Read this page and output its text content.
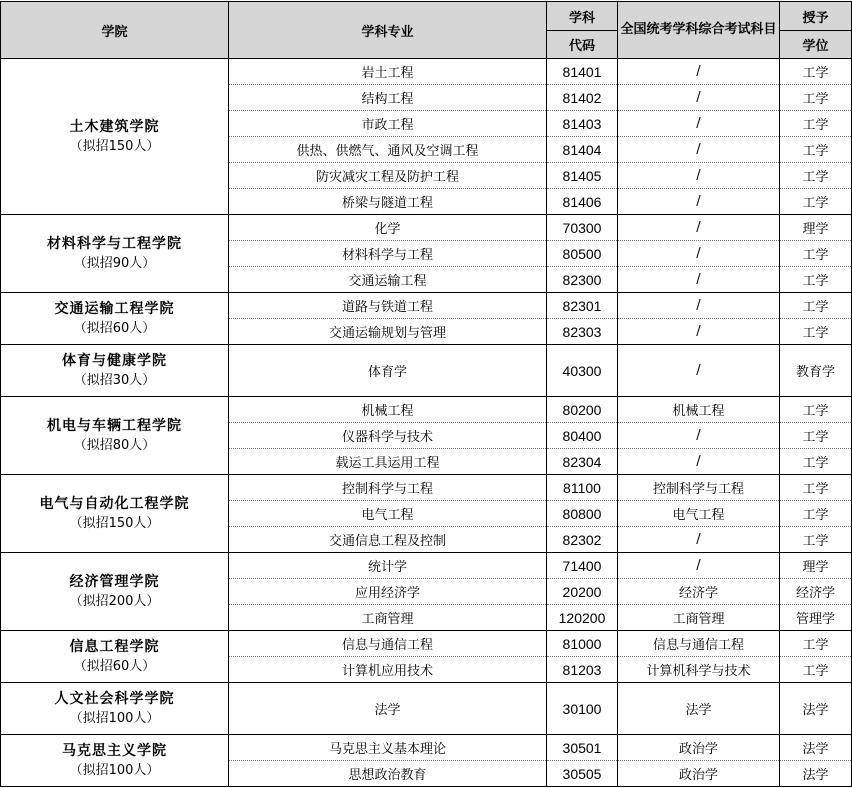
学院	学科专业	学科	全国统考学科综合考试科目	授予
		代码		学位

土木建筑学院
（拟招150人）	岩土工程	81401	/	工学
	结构工程	81402	/	工学
	市政工程	81403	/	工学
	供热、供燃气、通风及空调工程	81404	/	工学
	防灾减灾工程及防护工程	81405	/	工学
	桥梁与隧道工程	81406	/	工学

材料科学与工程学院
（拟招90人）	化学	70300	/	理学
	材料科学与工程	80500	/	工学
	交通运输工程	82300	/	工学

交通运输工程学院
（拟招60人）	道路与铁道工程	82301	/	工学
	交通运输规划与管理	82303	/	工学

体育与健康学院
（拟招30人）	体育学	40300	/	教育学

机电与车辆工程学院
（拟招80人）	机械工程	80200	机械工程	工学
	仪器科学与技术	80400	/	工学
	载运工具运用工程	82304	/	工学

电气与自动化工程学院
（拟招150人）	控制科学与工程	81100	控制科学与工程	工学
	电气工程	80800	电气工程	工学
	交通信息工程及控制	82302	/	工学

经济管理学院
（拟招200人）	统计学	71400	/	理学
	应用经济学	20200	经济学	经济学
	工商管理	120200	工商管理	管理学

信息工程学院
（拟招60人）	信息与通信工程	81000	信息与通信工程	工学
	计算机应用技术	81203	计算机科学与技术	工学

人文社会科学学院
（拟招100人）	法学	30100	法学	法学

马克思主义学院
（拟招100人）	马克思主义基本理论	30501	政治学	法学
	思想政治教育	30505	政治学	法学
